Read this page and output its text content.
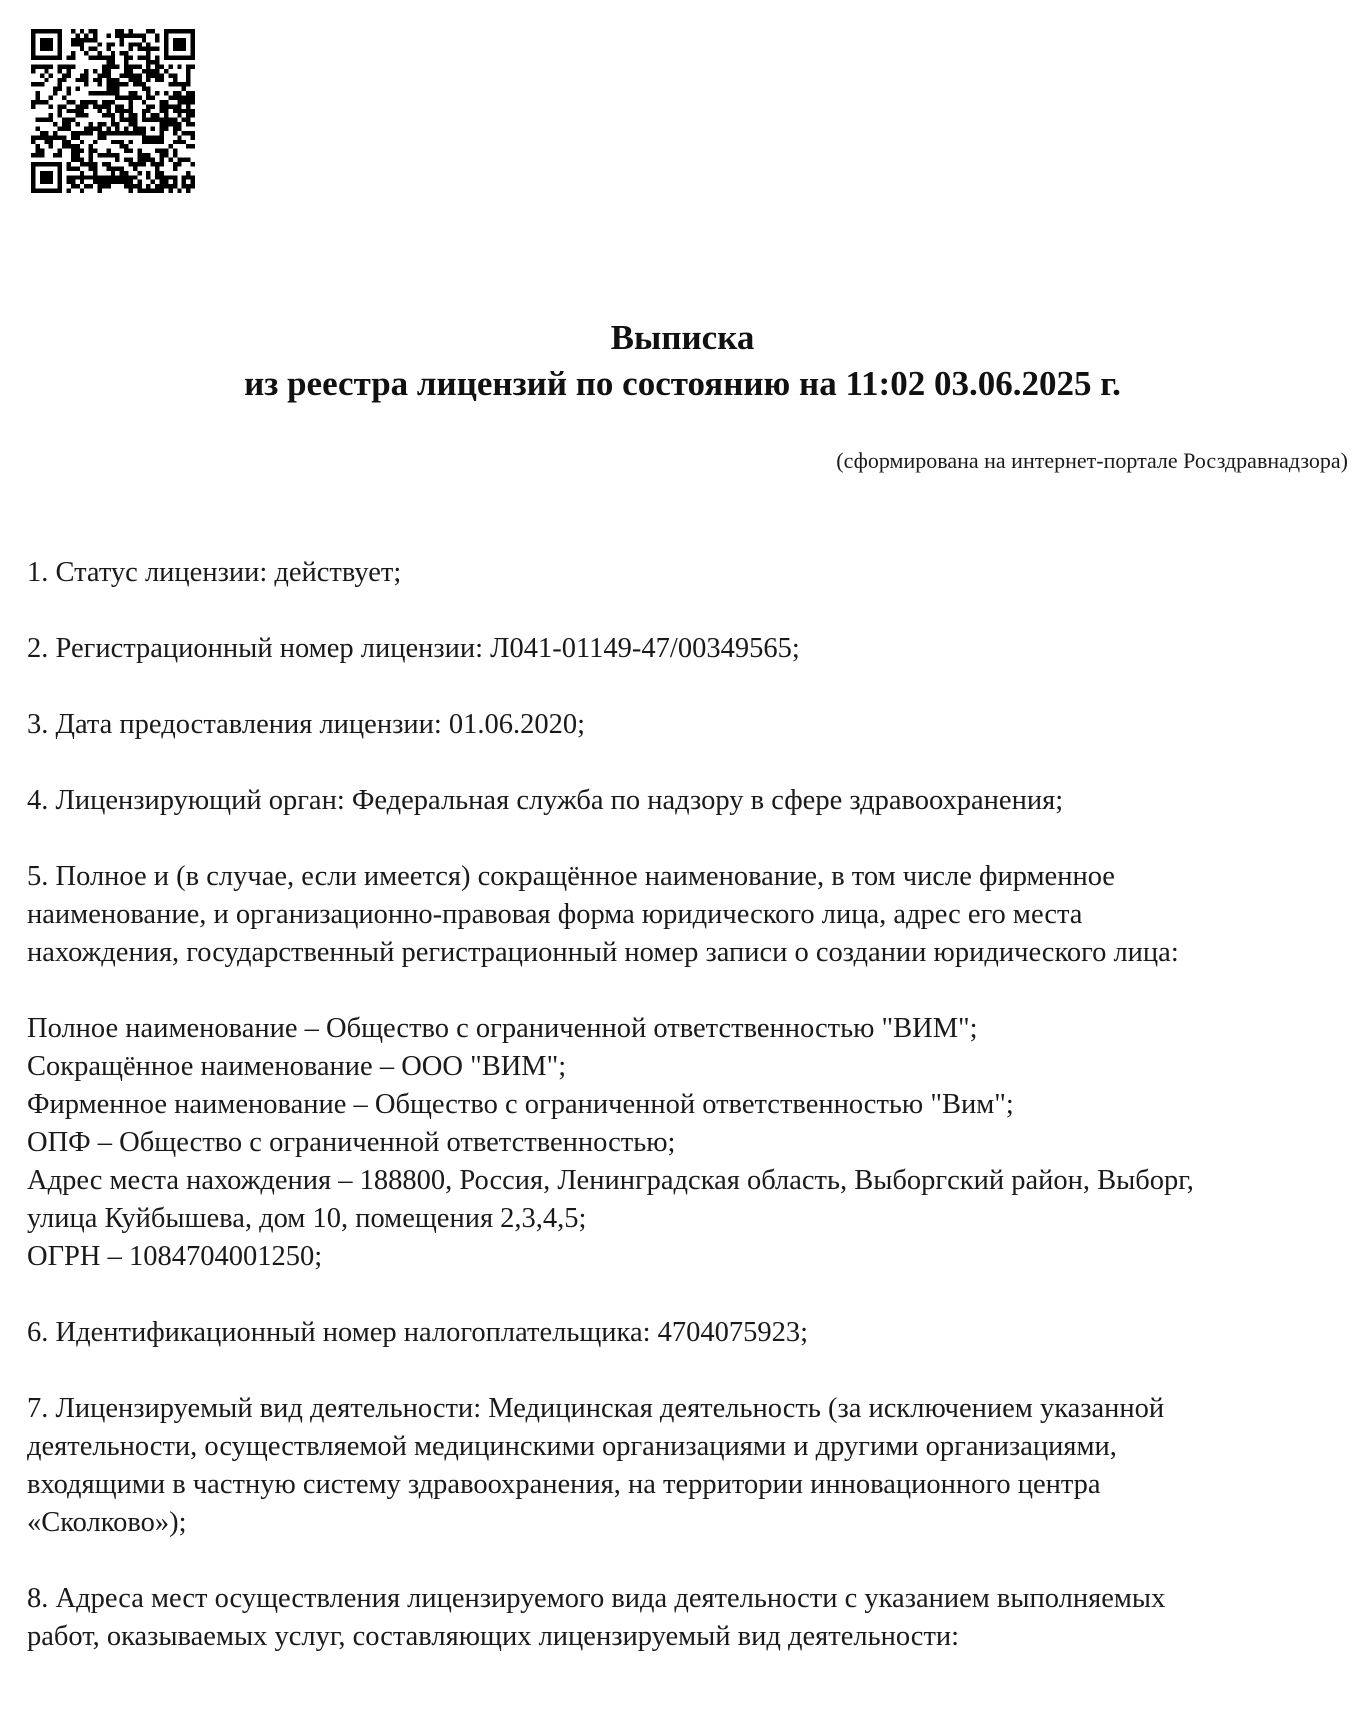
Выписка
из реестра лицензий по состоянию на 11:02 03.06.2025 г.
(сформирована на интернет-портале Росздравнадзора)
1. Статус лицензии: действует;
2. Регистрационный номер лицензии: Л041-01149-47/00349565;
3. Дата предоставления лицензии: 01.06.2020;
4. Лицензирующий орган: Федеральная служба по надзору в сфере здравоохранения;
5. Полное и (в случае, если имеется) сокращённое наименование, в том числе фирменное
наименование, и организационно-правовая форма юридического лица, адрес его места
нахождения, государственный регистрационный номер записи о создании юридического лица:
Полное наименование – Общество с ограниченной ответственностью "ВИМ";
Сокращённое наименование – ООО "ВИМ";
Фирменное наименование – Общество с ограниченной ответственностью "Вим";
ОПФ – Общество с ограниченной ответственностью;
Адрес места нахождения – 188800, Россия, Ленинградская область, Выборгский район, Выборг,
улица Куйбышева, дом 10, помещения 2,3,4,5;
ОГРН – 1084704001250;
6. Идентификационный номер налогоплательщика: 4704075923;
7. Лицензируемый вид деятельности: Медицинская деятельность (за исключением указанной
деятельности, осуществляемой медицинскими организациями и другими организациями,
входящими в частную систему здравоохранения, на территории инновационного центра
«Сколково»);
8. Адреса мест осуществления лицензируемого вида деятельности с указанием выполняемых
работ, оказываемых услуг, составляющих лицензируемый вид деятельности:
